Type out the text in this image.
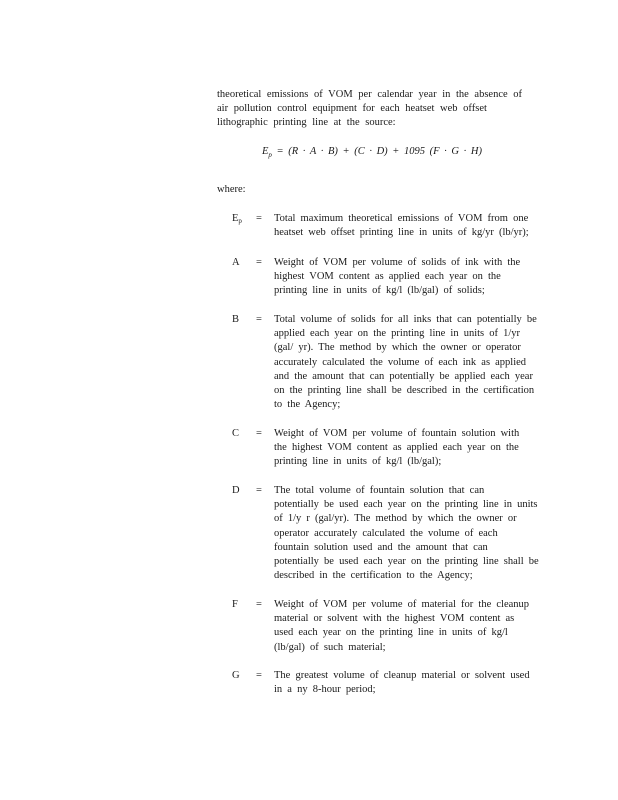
theoretical emissions of VOM per calendar year in the absence of
air pollution control equipment for each heatset web offset
lithographic printing line at the source:
$E_p = (R \cdot A \cdot B) + (C \cdot D) + 1095$ (F · G · H)
where:
$E_p$ = Total maximum theoretical emissions of VOM from one
heatset web offset printing line in units of kg/yr (lb/yr);
A = Weight of VOM per volume of solids of ink with the
highest VOM content as applied each year on the
printing line in units of kg/l (lb/gal) of solids;
B = Total volume of solids for all inks that can potentially be
applied each year on the printing line in units of 1/yr
(gal/ yr). The method by which the owner or operator
accurately calculated the volume of each ink as applied
and the amount that can potentially be applied each year
on the printing line shall be described in the certification
to the Agency;
C = Weight of VOM per volume of fountain solution with
the highest VOM content as applied each year on the
printing line in units of kg/l (lb/gal);
D = The total volume of fountain solution that can
potentially be used each year on the printing line in units
of 1/y r (gal/yr). The method by which the owner or
operator accurately calculated the volume of each
fountain solution used and the amount that can
potentially be used each year on the printing line shall be
described in the certification to the Agency;
F = Weight of VOM per volume of material for the cleanup
material or solvent with the highest VOM content as
used each year on the printing line in units of kg/l
(lb/gal) of such material;
G = The greatest volume of cleanup material or solvent used
in a ny 8-hour period;
